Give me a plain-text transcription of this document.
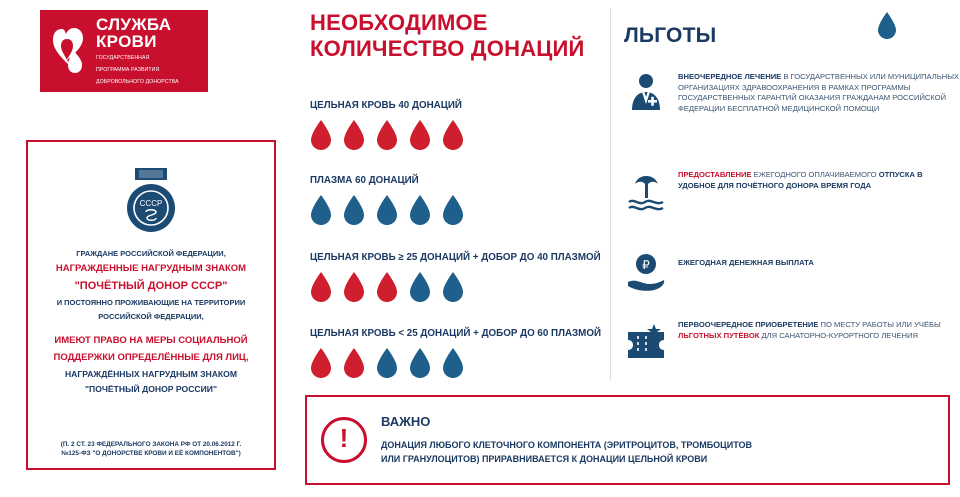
СЛУЖБА
КРОВИ
ГОСУДАРСТВЕННАЯ
ПРОГРАММА РАЗВИТИЯ
ДОБРОВОЛЬНОГО ДОНОРСТВА
СССР

ГРАЖДАНЕ РОССИЙСКОЙ ФЕДЕРАЦИИ,

НАГРАЖДЕННЫЕ НАГРУДНЫМ ЗНАКОМ

"ПОЧЁТНЫЙ ДОНОР СССР"

И ПОСТОЯННО ПРОЖИВАЮЩИЕ НА ТЕРРИТОРИИ

РОССИЙСКОЙ ФЕДЕРАЦИИ,

ИМЕЮТ ПРАВО НА МЕРЫ СОЦИАЛЬНОЙ

ПОДДЕРЖКИ ОПРЕДЕЛЁННЫЕ ДЛЯ ЛИЦ,

НАГРАЖДЁННЫХ НАГРУДНЫМ ЗНАКОМ

"ПОЧЁТНЫЙ ДОНОР РОССИИ"

(П. 2 СТ. 23 ФЕДЕРАЛЬНОГО ЗАКОНА РФ ОТ 20.06.2012 Г.
№125-ФЗ "О ДОНОРСТВЕ КРОВИ И ЕЁ КОМПОНЕНТОВ")
НЕОБХОДИМОЕ
КОЛИЧЕСТВО ДОНАЦИЙ
ЦЕЛЬНАЯ КРОВЬ 40 ДОНАЦИЙ
ПЛАЗМА 60 ДОНАЦИЙ
ЦЕЛЬНАЯ КРОВЬ ≥ 25 ДОНАЦИЙ + ДОБОР ДО 40 ПЛАЗМОЙ
ЦЕЛЬНАЯ КРОВЬ < 25 ДОНАЦИЙ + ДОБОР ДО 60 ПЛАЗМОЙ
ЛЬГОТЫ
ВНЕОЧЕРЕДНОЕ ЛЕЧЕНИЕ В ГОСУДАРСТВЕННЫХ ИЛИ МУНИЦИПАЛЬНЫХ ОРГАНИЗАЦИЯХ ЗДРАВООХРАНЕНИЯ В РАМКАХ ПРОГРАММЫ ГОСУДАРСТВЕННЫХ ГАРАНТИЙ ОКАЗАНИЯ ГРАЖДАНАМ РОССИЙСКОЙ ФЕДЕРАЦИИ БЕСПЛАТНОЙ МЕДИЦИНСКОЙ ПОМОЩИ
ПРЕДОСТАВЛЕНИЕ ЕЖЕГОДНОГО ОПЛАЧИВАЕМОГО ОТПУСКА В УДОБНОЕ ДЛЯ ПОЧЁТНОГО ДОНОРА ВРЕМЯ ГОДА
₽	ЕЖЕГОДНАЯ ДЕНЕЖНАЯ ВЫПЛАТА
ПЕРВООЧЕРЕДНОЕ ПРИОБРЕТЕНИЕ ПО МЕСТУ РАБОТЫ ИЛИ УЧЁБЫ ЛЬГОТНЫХ ПУТЁВОК ДЛЯ САНАТОРНО-КУРОРТНОГО ЛЕЧЕНИЯ
!
ВАЖНО
ДОНАЦИЯ ЛЮБОГО КЛЕТОЧНОГО КОМПОНЕНТА (ЭРИТРОЦИТОВ, ТРОМБОЦИТОВ
ИЛИ ГРАНУЛОЦИТОВ) ПРИРАВНИВАЕТСЯ К ДОНАЦИИ ЦЕЛЬНОЙ КРОВИ
